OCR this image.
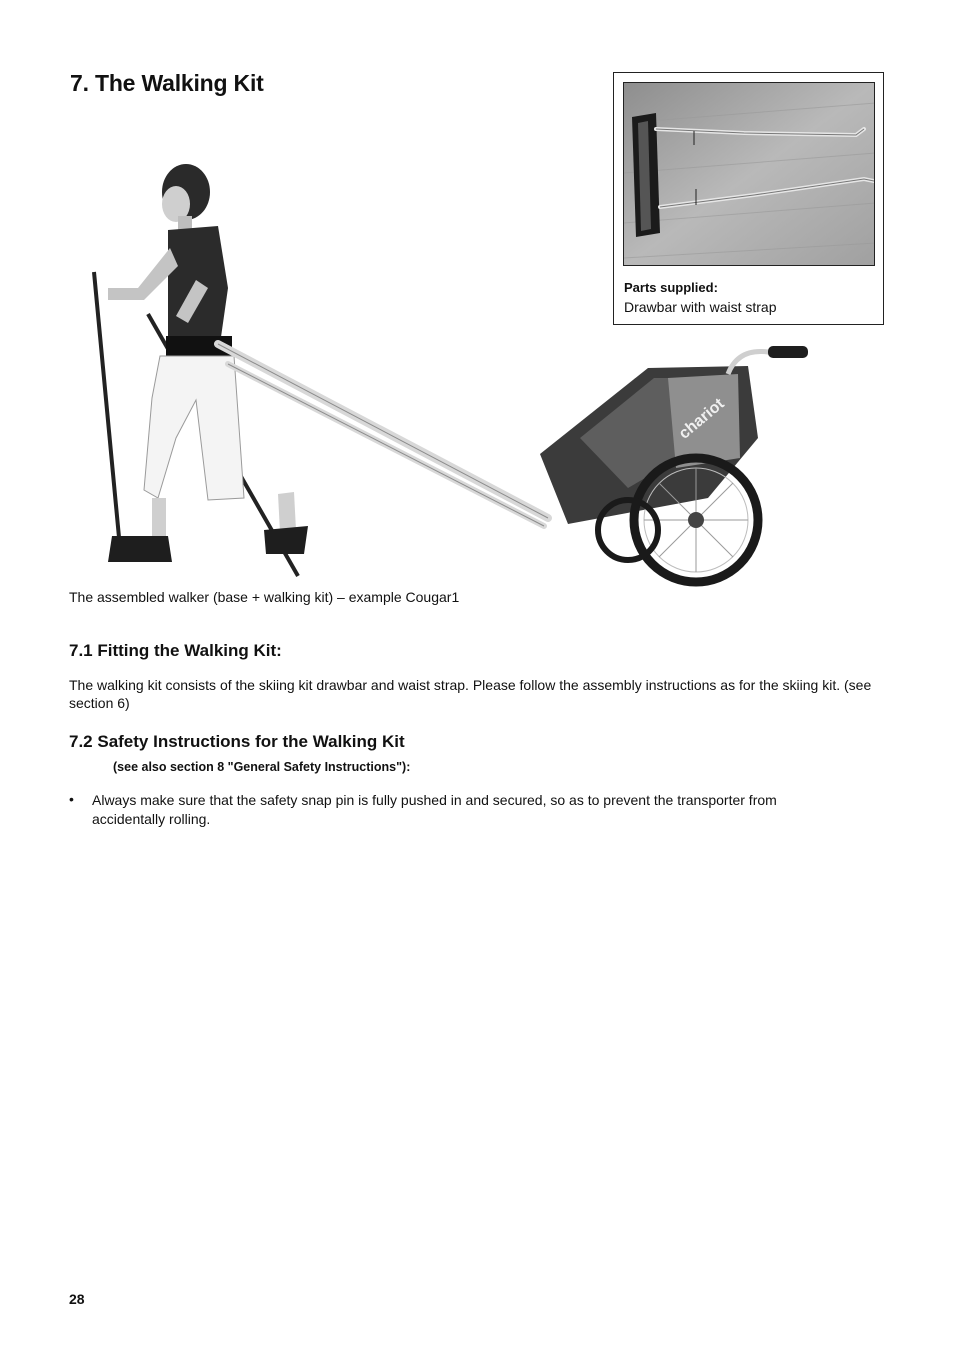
7. The Walking Kit
Parts supplied:
Drawbar with waist strap
chariot
The assembled walker (base + walking kit) – example Cougar1
7.1 Fitting the Walking Kit:
The walking kit consists of the skiing kit drawbar and waist strap. Please follow the assembly instructions as for the skiing kit. (see section 6)
7.2 Safety Instructions for the Walking Kit
(see also section 8 "General Safety Instructions"):
• Always make sure that the safety snap pin is fully pushed in and secured, so as to prevent the transporter from accidentally rolling.
28
